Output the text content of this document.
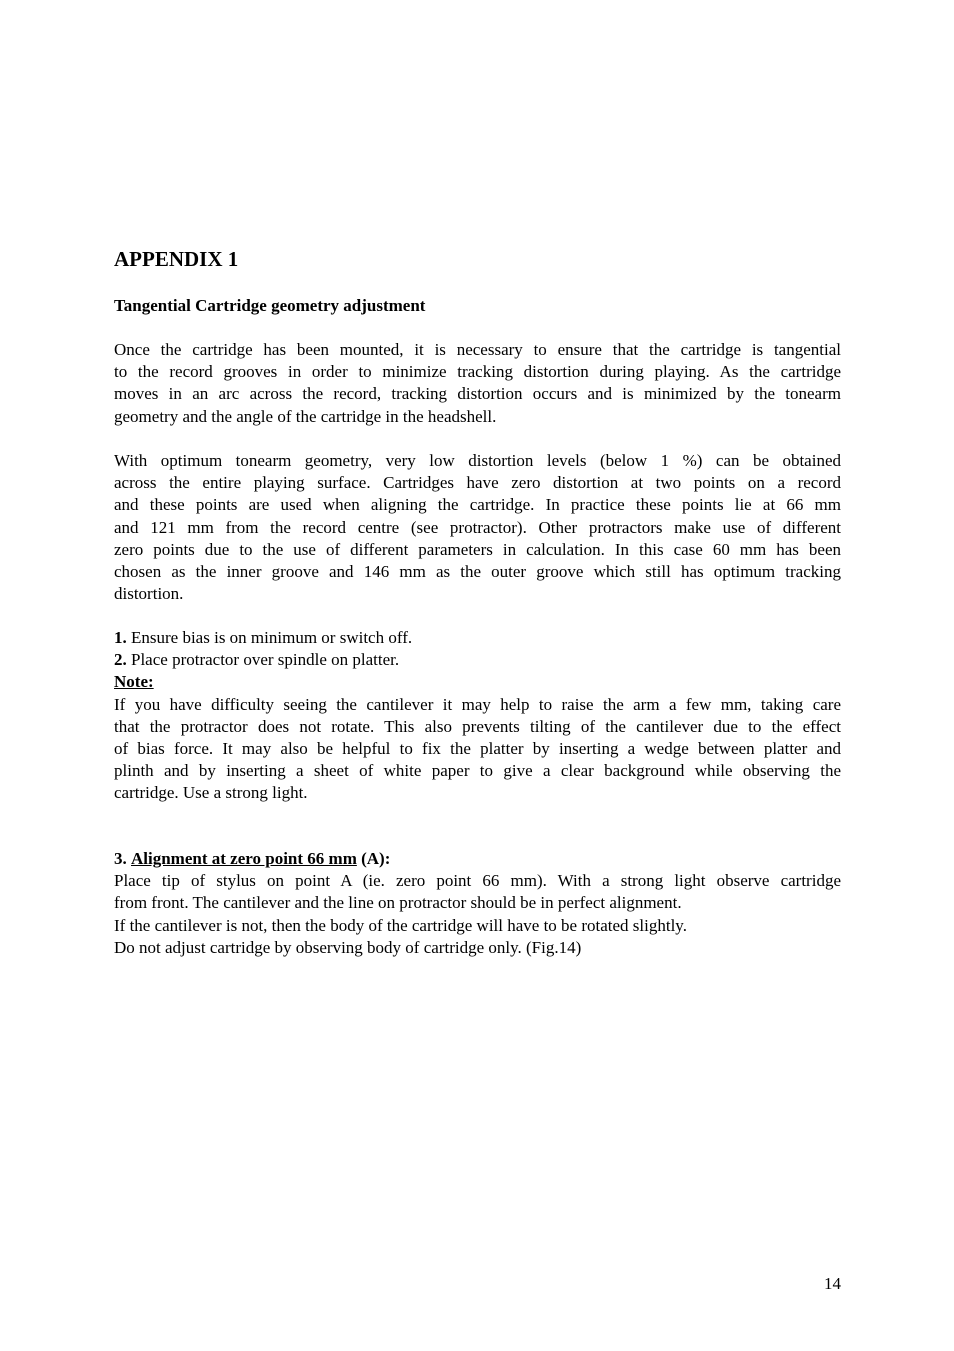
APPENDIX 1
Tangential Cartridge geometry adjustment

Once the cartridge has been mounted, it is necessary to ensure that the cartridge is tangential
to the record grooves in order to minimize tracking distortion during playing. As the cartridge
moves in an arc across the record, tracking distortion occurs and is minimized by the tonearm
geometry and the angle of the cartridge in the headshell.

With optimum tonearm geometry, very low distortion levels (below 1 %) can be obtained
across the entire playing surface. Cartridges have zero distortion at two points on a record
and these points are used when aligning the cartridge. In practice these points lie at 66 mm
and 121 mm from the record centre (see protractor). Other protractors make use of different
zero points due to the use of different parameters in calculation. In this case 60 mm has been
chosen as the inner groove and 146 mm as the outer groove which still has optimum tracking
distortion.

1. Ensure bias is on minimum or switch off.
2. Place protractor over spindle on platter.
Note:
If you have difficulty seeing the cantilever it may help to raise the arm a few mm, taking care
that the protractor does not rotate. This also prevents tilting of the cantilever due to the effect
of bias force. It may also be helpful to fix the platter by inserting a wedge between platter and
plinth and by inserting a sheet of white paper to give a clear background while observing the
cartridge. Use a strong light.
3. Alignment at zero point 66 mm (A):
Place tip of stylus on point A (ie. zero point 66 mm). With a strong light observe cartridge
from front. The cantilever and the line on protractor should be in perfect alignment.
If the cantilever is not, then the body of the cartridge will have to be rotated slightly.
Do not adjust cartridge by observing body of cartridge only. (Fig.14)
14
